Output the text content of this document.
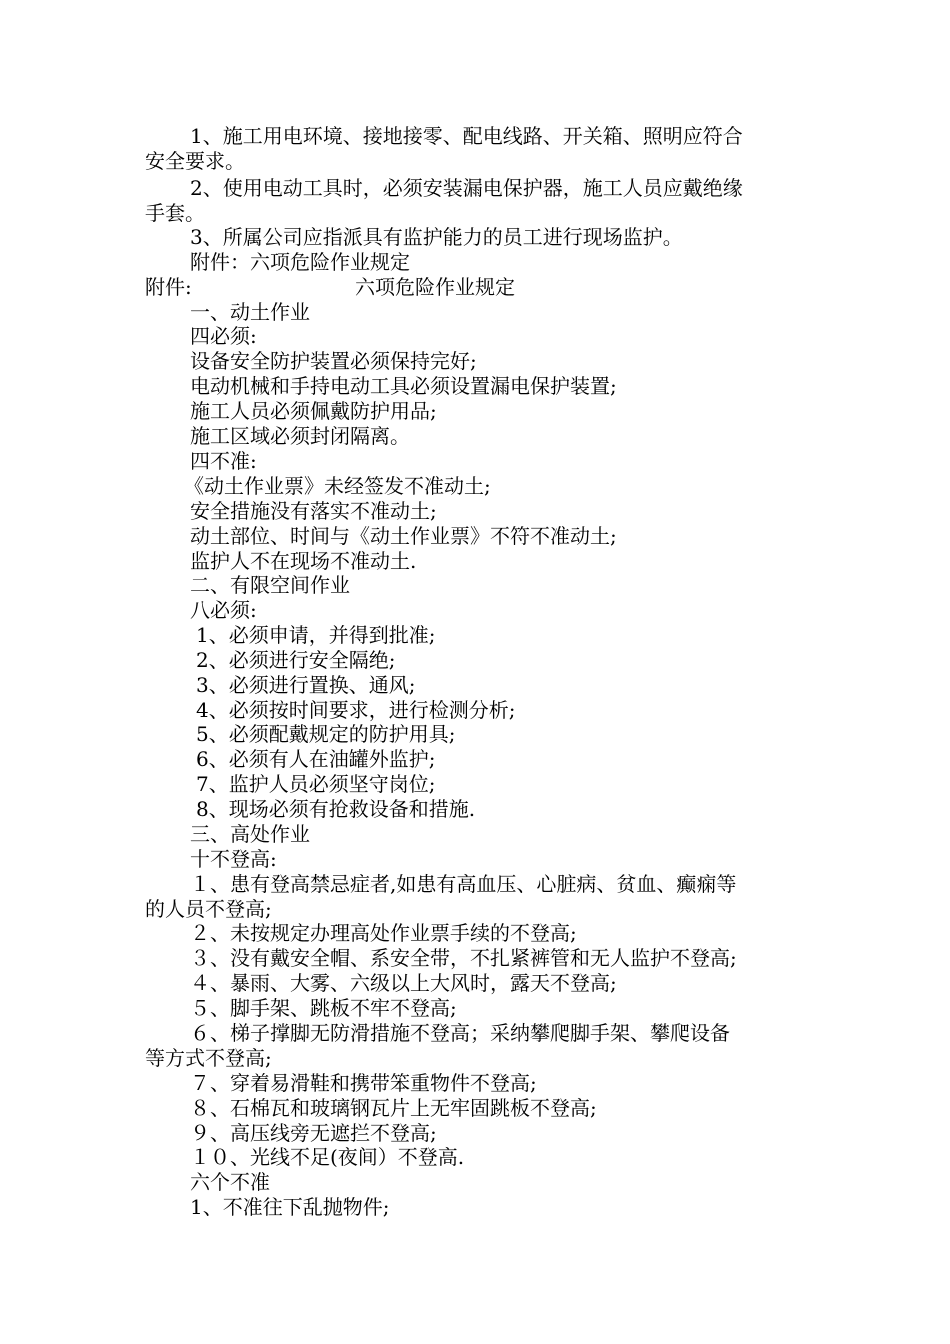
1、施工用电环境、接地接零、配电线路、开关箱、照明应符合
安全要求。
2、使用电动工具时，必须安装漏电保护器，施工人员应戴绝缘
手套。
3、所属公司应指派具有监护能力的员工进行现场监护。
附件：六项危险作业规定
附件:	六项危险作业规定
一、动土作业
四必须:
设备安全防护装置必须保持完好;
电动机械和手持电动工具必须设置漏电保护装置;
施工人员必须佩戴防护用品;
施工区域必须封闭隔离。
四不准:
《动土作业票》未经签发不准动土;
安全措施没有落实不准动土;
动土部位、时间与《动土作业票》不符不准动土;
监护人不在现场不准动土.
二、有限空间作业
八必须:
1、必须申请，并得到批准;
2、必须进行安全隔绝;
3、必须进行置换、通风;
4、必须按时间要求，进行检测分析;
5、必须配戴规定的防护用具;
6、必须有人在油罐外监护;
7、监护人员必须坚守岗位;
8、现场必须有抢救设备和措施.
三、高处作业
十不登高:
１、患有登高禁忌症者,如患有高血压、心脏病、贫血、癫痫等
的人员不登高;
２、未按规定办理高处作业票手续的不登高;
３、没有戴安全帽、系安全带，不扎紧裤管和无人监护不登高;
４、暴雨、大雾、六级以上大风时，露天不登高;
５、脚手架、跳板不牢不登高;
６、梯子撑脚无防滑措施不登高；采纳攀爬脚手架、攀爬设备
等方式不登高;
７、穿着易滑鞋和携带笨重物件不登高;
８、石棉瓦和玻璃钢瓦片上无牢固跳板不登高;
９、高压线旁无遮拦不登高;
１０、光线不足(夜间）不登高.
六个不准
1、不准往下乱抛物件;
